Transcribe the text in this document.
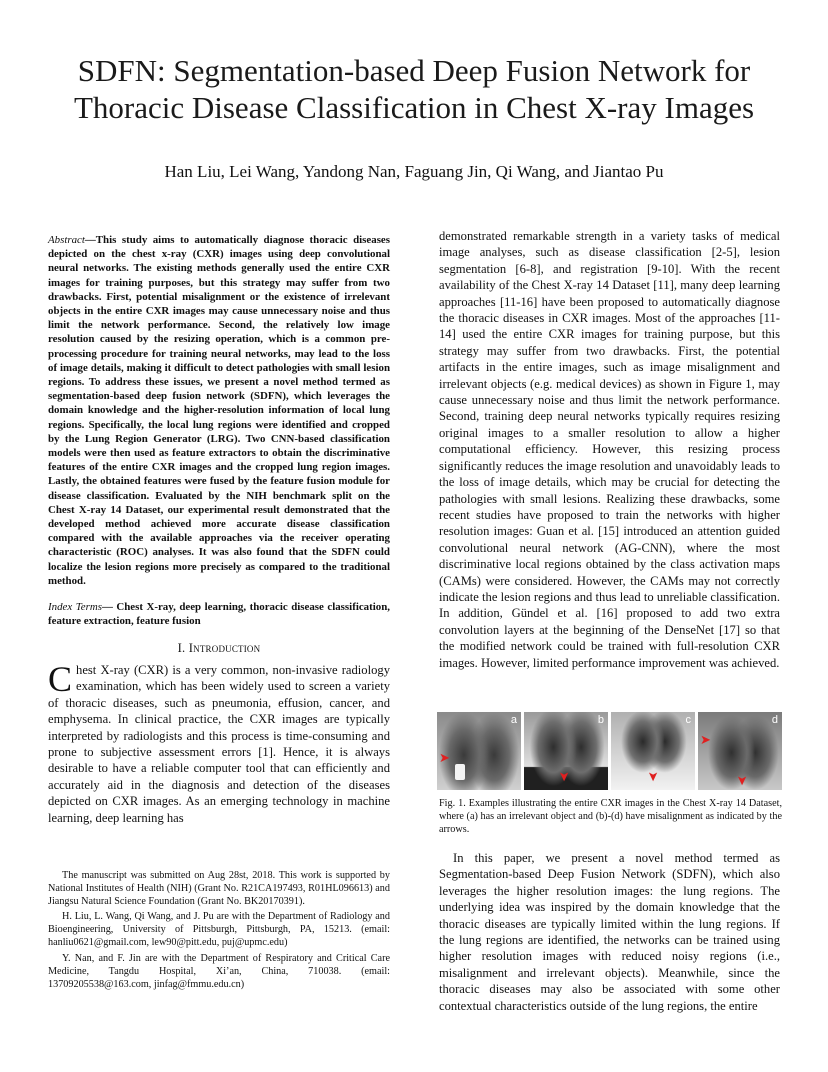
SDFN: Segmentation-based Deep Fusion Network for
Thoracic Disease Classification in Chest X-ray Images
Han Liu, Lei Wang, Yandong Nan, Faguang Jin, Qi Wang, and Jiantao Pu

Abstract—This study aims to automatically diagnose thoracic diseases depicted on the chest x-ray (CXR) images using deep convolutional neural networks. The existing methods generally used the entire CXR images for training purposes, but this strategy may suffer from two drawbacks. First, potential misalignment or the existence of irrelevant objects in the entire CXR images may cause unnecessary noise and thus limit the network performance. Second, the relatively low image resolution caused by the resizing operation, which is a common pre-processing procedure for training neural networks, may lead to the loss of image details, making it difficult to detect pathologies with small lesion regions. To address these issues, we present a novel method termed as segmentation-based deep fusion network (SDFN), which leverages the domain knowledge and the higher-resolution information of local lung regions. Specifically, the local lung regions were identified and cropped by the Lung Region Generator (LRG). Two CNN-based classification models were then used as feature extractors to obtain the discriminative features of the entire CXR images and the cropped lung region images. Lastly, the obtained features were fused by the feature fusion module for disease classification. Evaluated by the NIH benchmark split on the Chest X-ray 14 Dataset, our experimental result demonstrated that the developed method achieved more accurate disease classification compared with the available approaches via the receiver operating characteristic (ROC) analyses. It was also found that the SDFN could localize the lesion regions more precisely as compared to the traditional method.

Index Terms— Chest X-ray, deep learning, thoracic disease classification, feature extraction, feature fusion

I. Introduction

Chest X-ray (CXR) is a very common, non-invasive radiology examination, which has been widely used to screen a variety of thoracic diseases, such as pneumonia, effusion, cancer, and emphysema. In clinical practice, the CXR images are typically interpreted by radiologists and this process is time-consuming and prone to subjective assessment errors [1]. Hence, it is always desirable to have a reliable computer tool that can efficiently and accurately aid in the diagnosis and detection of the diseases depicted on CXR images. As an emerging technology in machine learning, deep learning has

The manuscript was submitted on Aug 28st, 2018. This work is supported by National Institutes of Health (NIH) (Grant No. R21CA197493, R01HL096613) and Jiangsu Natural Science Foundation (Grant No. BK20170391).

H. Liu, L. Wang, Qi Wang, and J. Pu are with the Department of Radiology and Bioengineering, University of Pittsburgh, Pittsburgh, PA, 15213. (email: hanliu0621@gmail.com, lew90@pitt.edu, puj@upmc.edu)

Y. Nan, and F. Jin are with the Department of Respiratory and Critical Care Medicine, Tangdu Hospital, Xi’an, China, 710038. (email: 13709205538@163.com, jinfag@fmmu.edu.cn)

demonstrated remarkable strength in a variety tasks of medical image analyses, such as disease classification [2-5], lesion segmentation [6-8], and registration [9-10]. With the recent availability of the Chest X-ray 14 Dataset [11], many deep learning approaches [11-16] have been proposed to automatically diagnose the thoracic diseases in CXR images. Most of the approaches [11-14] used the entire CXR images for training purpose, but this strategy may suffer from two drawbacks. First, the potential artifacts in the entire images, such as image misalignment and irrelevant objects (e.g. medical devices) as shown in Figure 1, may cause unnecessary noise and thus limit the network performance. Second, training deep neural networks typically requires resizing original images to a smaller resolution to allow a higher computational efficiency. However, this resizing process significantly reduces the image resolution and unavoidably leads to the loss of image details, which may be crucial for detecting the pathologies with small lesions. Realizing these drawbacks, some recent studies have proposed to train the networks with higher resolution images: Guan et al. [15] introduced an attention guided convolutional neural network (AG-CNN), where the most discriminative local regions obtained by the class activation maps (CAMs) were considered. However, the CAMs may not correctly indicate the lesion regions and thus lead to unreliable classification. In addition, Gündel et al. [16] proposed to add two extra convolution layers at the beginning of the DenseNet [17] so that the modified network could be trained with full-resolution CXR images. However, limited performance improvement was achieved.

a
➤
b
➤
c
➤
d
➤
➤
Fig. 1. Examples illustrating the entire CXR images in the Chest X-ray 14 Dataset, where (a) has an irrelevant object and (b)-(d) have misalignment as indicated by the arrows.

In this paper, we present a novel method termed as Segmentation-based Deep Fusion Network (SDFN), which also leverages the higher resolution images: the lung regions. The underlying idea was inspired by the domain knowledge that the thoracic diseases are typically limited within the lung regions. If the lung regions are identified, the networks can be trained using higher resolution images with reduced noisy regions (i.e., misalignment and irrelevant objects). Meanwhile, since the thoracic diseases may also be associated with some other contextual characteristics outside of the lung regions, the entire
